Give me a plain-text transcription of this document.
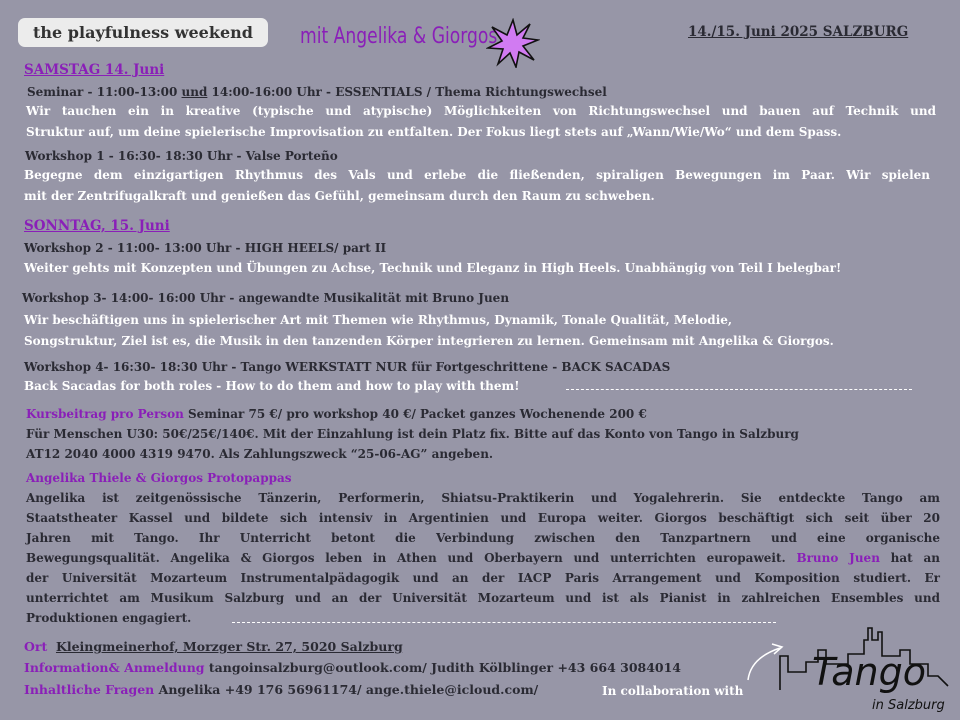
the playfulness weekend	mit Angelika & Giorgos	14./15. Juni 2025 SALZBURG
SAMSTAG 14. Juni
Seminar - 11:00-13:00 und 14:00-16:00 Uhr - ESSENTIALS / Thema Richtungswechsel
Wir tauchen ein in kreative (typische und atypische) Möglichkeiten von Richtungswechsel und bauen auf Technik und
Struktur auf, um deine spielerische Improvisation zu entfalten. Der Fokus liegt stets auf „Wann/Wie/Wo“ und dem Spass.
Workshop 1 - 16:30- 18:30 Uhr - Valse Porteño
Begegne dem einzigartigen Rhythmus des Vals und erlebe die fließenden, spiraligen Bewegungen im Paar. Wir spielen
mit der Zentrifugalkraft und genießen das Gefühl, gemeinsam durch den Raum zu schweben.
SONNTAG, 15. Juni
Workshop 2 - 11:00- 13:00 Uhr - HIGH HEELS/ part II
Weiter gehts mit Konzepten und Übungen zu Achse, Technik und Eleganz in High Heels. Unabhängig von Teil I belegbar!
Workshop 3- 14:00- 16:00 Uhr - angewandte Musikalität mit Bruno Juen
Wir beschäftigen uns in spielerischer Art mit Themen wie Rhythmus, Dynamik, Tonale Qualität, Melodie,
Songstruktur, Ziel ist es, die Musik in den tanzenden Körper integrieren zu lernen. Gemeinsam mit Angelika & Giorgos.
Workshop 4- 16:30- 18:30 Uhr - Tango WERKSTATT NUR für Fortgeschrittene - BACK SACADAS
Back Sacadas for both roles - How to do them and how to play with them!
Kursbeitrag pro Person Seminar 75 €/ pro workshop 40 €/ Packet ganzes Wochenende 200 €
Für Menschen U30: 50€/25€/140€. Mit der Einzahlung ist dein Platz fix. Bitte auf das Konto von Tango in Salzburg
AT12 2040 4000 4319 9470. Als Zahlungszweck “25-06-AG” angeben.
Angelika Thiele & Giorgos Protopappas
Angelika ist zeitgenössische Tänzerin, Performerin, Shiatsu-Praktikerin und Yogalehrerin. Sie entdeckte Tango am
Staatstheater Kassel und bildete sich intensiv in Argentinien und Europa weiter. Giorgos beschäftigt sich seit über 20
Jahren mit Tango. Ihr Unterricht betont die Verbindung zwischen den Tanzpartnern und eine organische
Bewegungsqualität. Angelika & Giorgos leben in Athen und Oberbayern und unterrichten europaweit. Bruno Juen hat an
der Universität Mozarteum Instrumentalpädagogik und an der IACP Paris Arrangement und Komposition studiert. Er
unterrichtet am Musikum Salzburg und an der Universität Mozarteum und ist als Pianist in zahlreichen Ensembles und
Produktionen engagiert.
Ort Kleingmeinerhof, Morzger Str. 27, 5020 Salzburg
Information& Anmeldung tangoinsalzburg@outlook.com/ Judith Kölblinger +43 664 3084014
Inhaltliche Fragen Angelika +49 176 56961174/ ange.thiele@icloud.com/	In collaboration with Tango
in Salzburg
